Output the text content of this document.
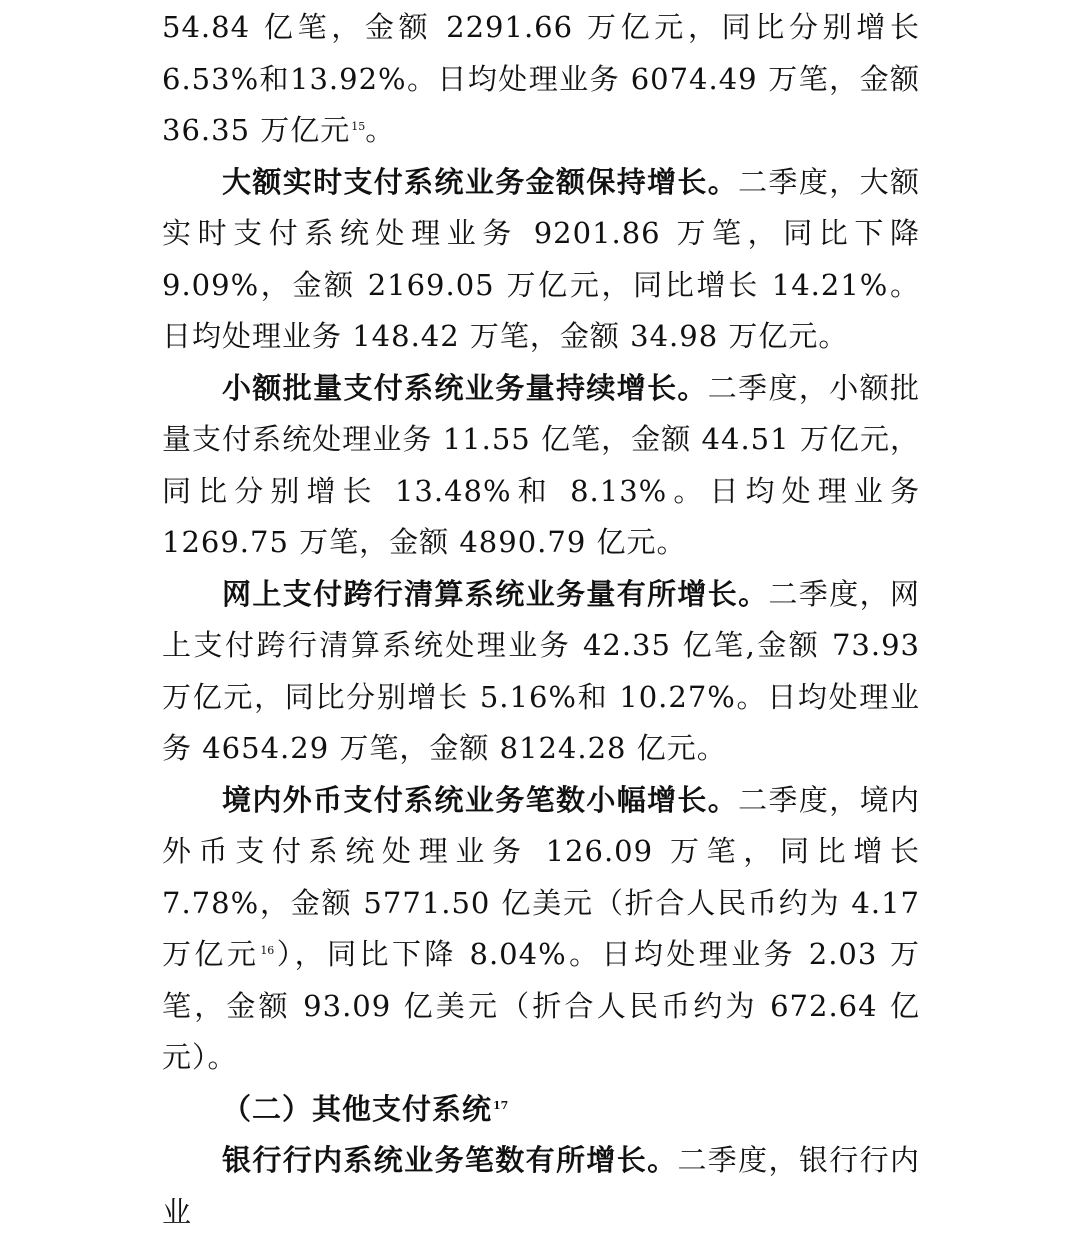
54.84 亿笔，金额 2291.66 万亿元，同比分别增长 6.53%和13.92%。日均处理业务 6074.49 万笔，金额 36.35 万亿元$^{15}$。

大额实时支付系统业务金额保持增长。二季度，大额实时支付系统处理业务 9201.86 万笔，同比下降 9.09%，金额 2169.05 万亿元，同比增长 14.21%。日均处理业务 148.42 万笔，金额 34.98 万亿元。

小额批量支付系统业务量持续增长。二季度，小额批量支付系统处理业务 11.55 亿笔，金额 44.51 万亿元，同比分别增长 13.48%和 8.13%。日均处理业务 1269.75 万笔，金额 4890.79 亿元。

网上支付跨行清算系统业务量有所增长。二季度，网上支付跨行清算系统处理业务 42.35 亿笔,金额 73.93 万亿元，同比分别增长 5.16%和 10.27%。日均处理业务 4654.29 万笔，金额 8124.28 亿元。

境内外币支付系统业务笔数小幅增长。二季度，境内外币支付系统处理业务 126.09 万笔，同比增长 7.78%，金额 5771.50 亿美元（折合人民币约为 4.17 万亿元$^{16}$），同比下降 8.04%。日均处理业务 2.03 万笔，金额 93.09 亿美元（折合人民币约为 672.64 亿元）。

（二）其他支付系统$^{17}$

银行行内系统业务笔数有所增长。二季度，银行行内业
